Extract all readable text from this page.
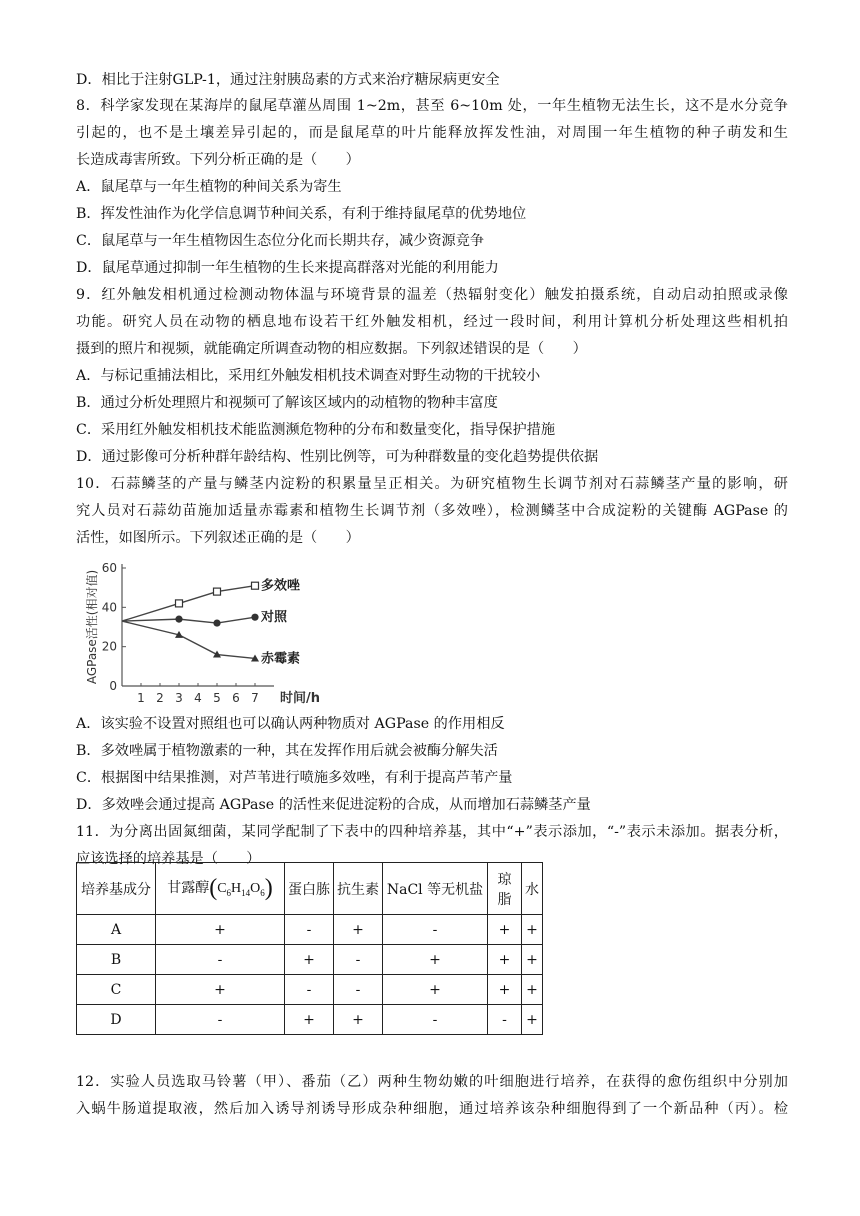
D．相比于注射GLP-1，通过注射胰岛素的方式来治疗糖尿病更安全
8．科学家发现在某海岸的鼠尾草灌丛周围 1~2m，甚至 6~10m 处，一年生植物无法生长，这不是水分竞争
引起的，也不是土壤差异引起的，而是鼠尾草的叶片能释放挥发性油，对周围一年生植物的种子萌发和生
长造成毒害所致。下列分析正确的是（　　）
A．鼠尾草与一年生植物的种间关系为寄生
B．挥发性油作为化学信息调节种间关系，有利于维持鼠尾草的优势地位
C．鼠尾草与一年生植物因生态位分化而长期共存，减少资源竞争
D．鼠尾草通过抑制一年生植物的生长来提高群落对光能的利用能力
9．红外触发相机通过检测动物体温与环境背景的温差（热辐射变化）触发拍摄系统，自动启动拍照或录像
功能。研究人员在动物的栖息地布设若干红外触发相机，经过一段时间，利用计算机分析处理这些相机拍
摄到的照片和视频，就能确定所调查动物的相应数据。下列叙述错误的是（　　）
A．与标记重捕法相比，采用红外触发相机技术调查对野生动物的干扰较小
B．通过分析处理照片和视频可了解该区域内的动植物的物种丰富度
C．采用红外触发相机技术能监测濒危物种的分布和数量变化，指导保护措施
D．通过影像可分析种群年龄结构、性别比例等，可为种群数量的变化趋势提供依据
10．石蒜鳞茎的产量与鳞茎内淀粉的积累量呈正相关。为研究植物生长调节剂对石蒜鳞茎产量的影响，研
究人员对石蒜幼苗施加适量赤霉素和植物生长调节剂（多效唑），检测鳞茎中合成淀粉的关键酶 AGPase 的
活性，如图所示。下列叙述正确的是（　　）
0
20
40
60
1 2 3 4 5 6 7 时间/h
AGPase活性(相对值)	多效唑
对照
赤霉素
A．该实验不设置对照组也可以确认两种物质对 AGPase 的作用相反
B．多效唑属于植物激素的一种，其在发挥作用后就会被酶分解失活
C．根据图中结果推测，对芦苇进行喷施多效唑，有利于提高芦苇产量
D．多效唑会通过提高 AGPase 的活性来促进淀粉的合成，从而增加石蒜鳞茎产量
11．为分离出固氮细菌，某同学配制了下表中的四种培养基，其中“+”表示添加，“-”表示未添加。据表分析，
应该选择的培养基是（　　）
培养基成分	甘露醇$(C_6H_{14}O_6)$	蛋白胨	抗生素	NaCl 等无机盐	琼脂	水
A	+	-	+	-	+	+
B	-	+	-	+	+	+
C	+	-	-	+	+	+
D	-	+	+	-	-	+
12．实验人员选取马铃薯（甲）、番茄（乙）两种生物幼嫩的叶细胞进行培养，在获得的愈伤组织中分别加
入蜗牛肠道提取液，然后加入诱导剂诱导形成杂种细胞，通过培养该杂种细胞得到了一个新品种（丙）。检
